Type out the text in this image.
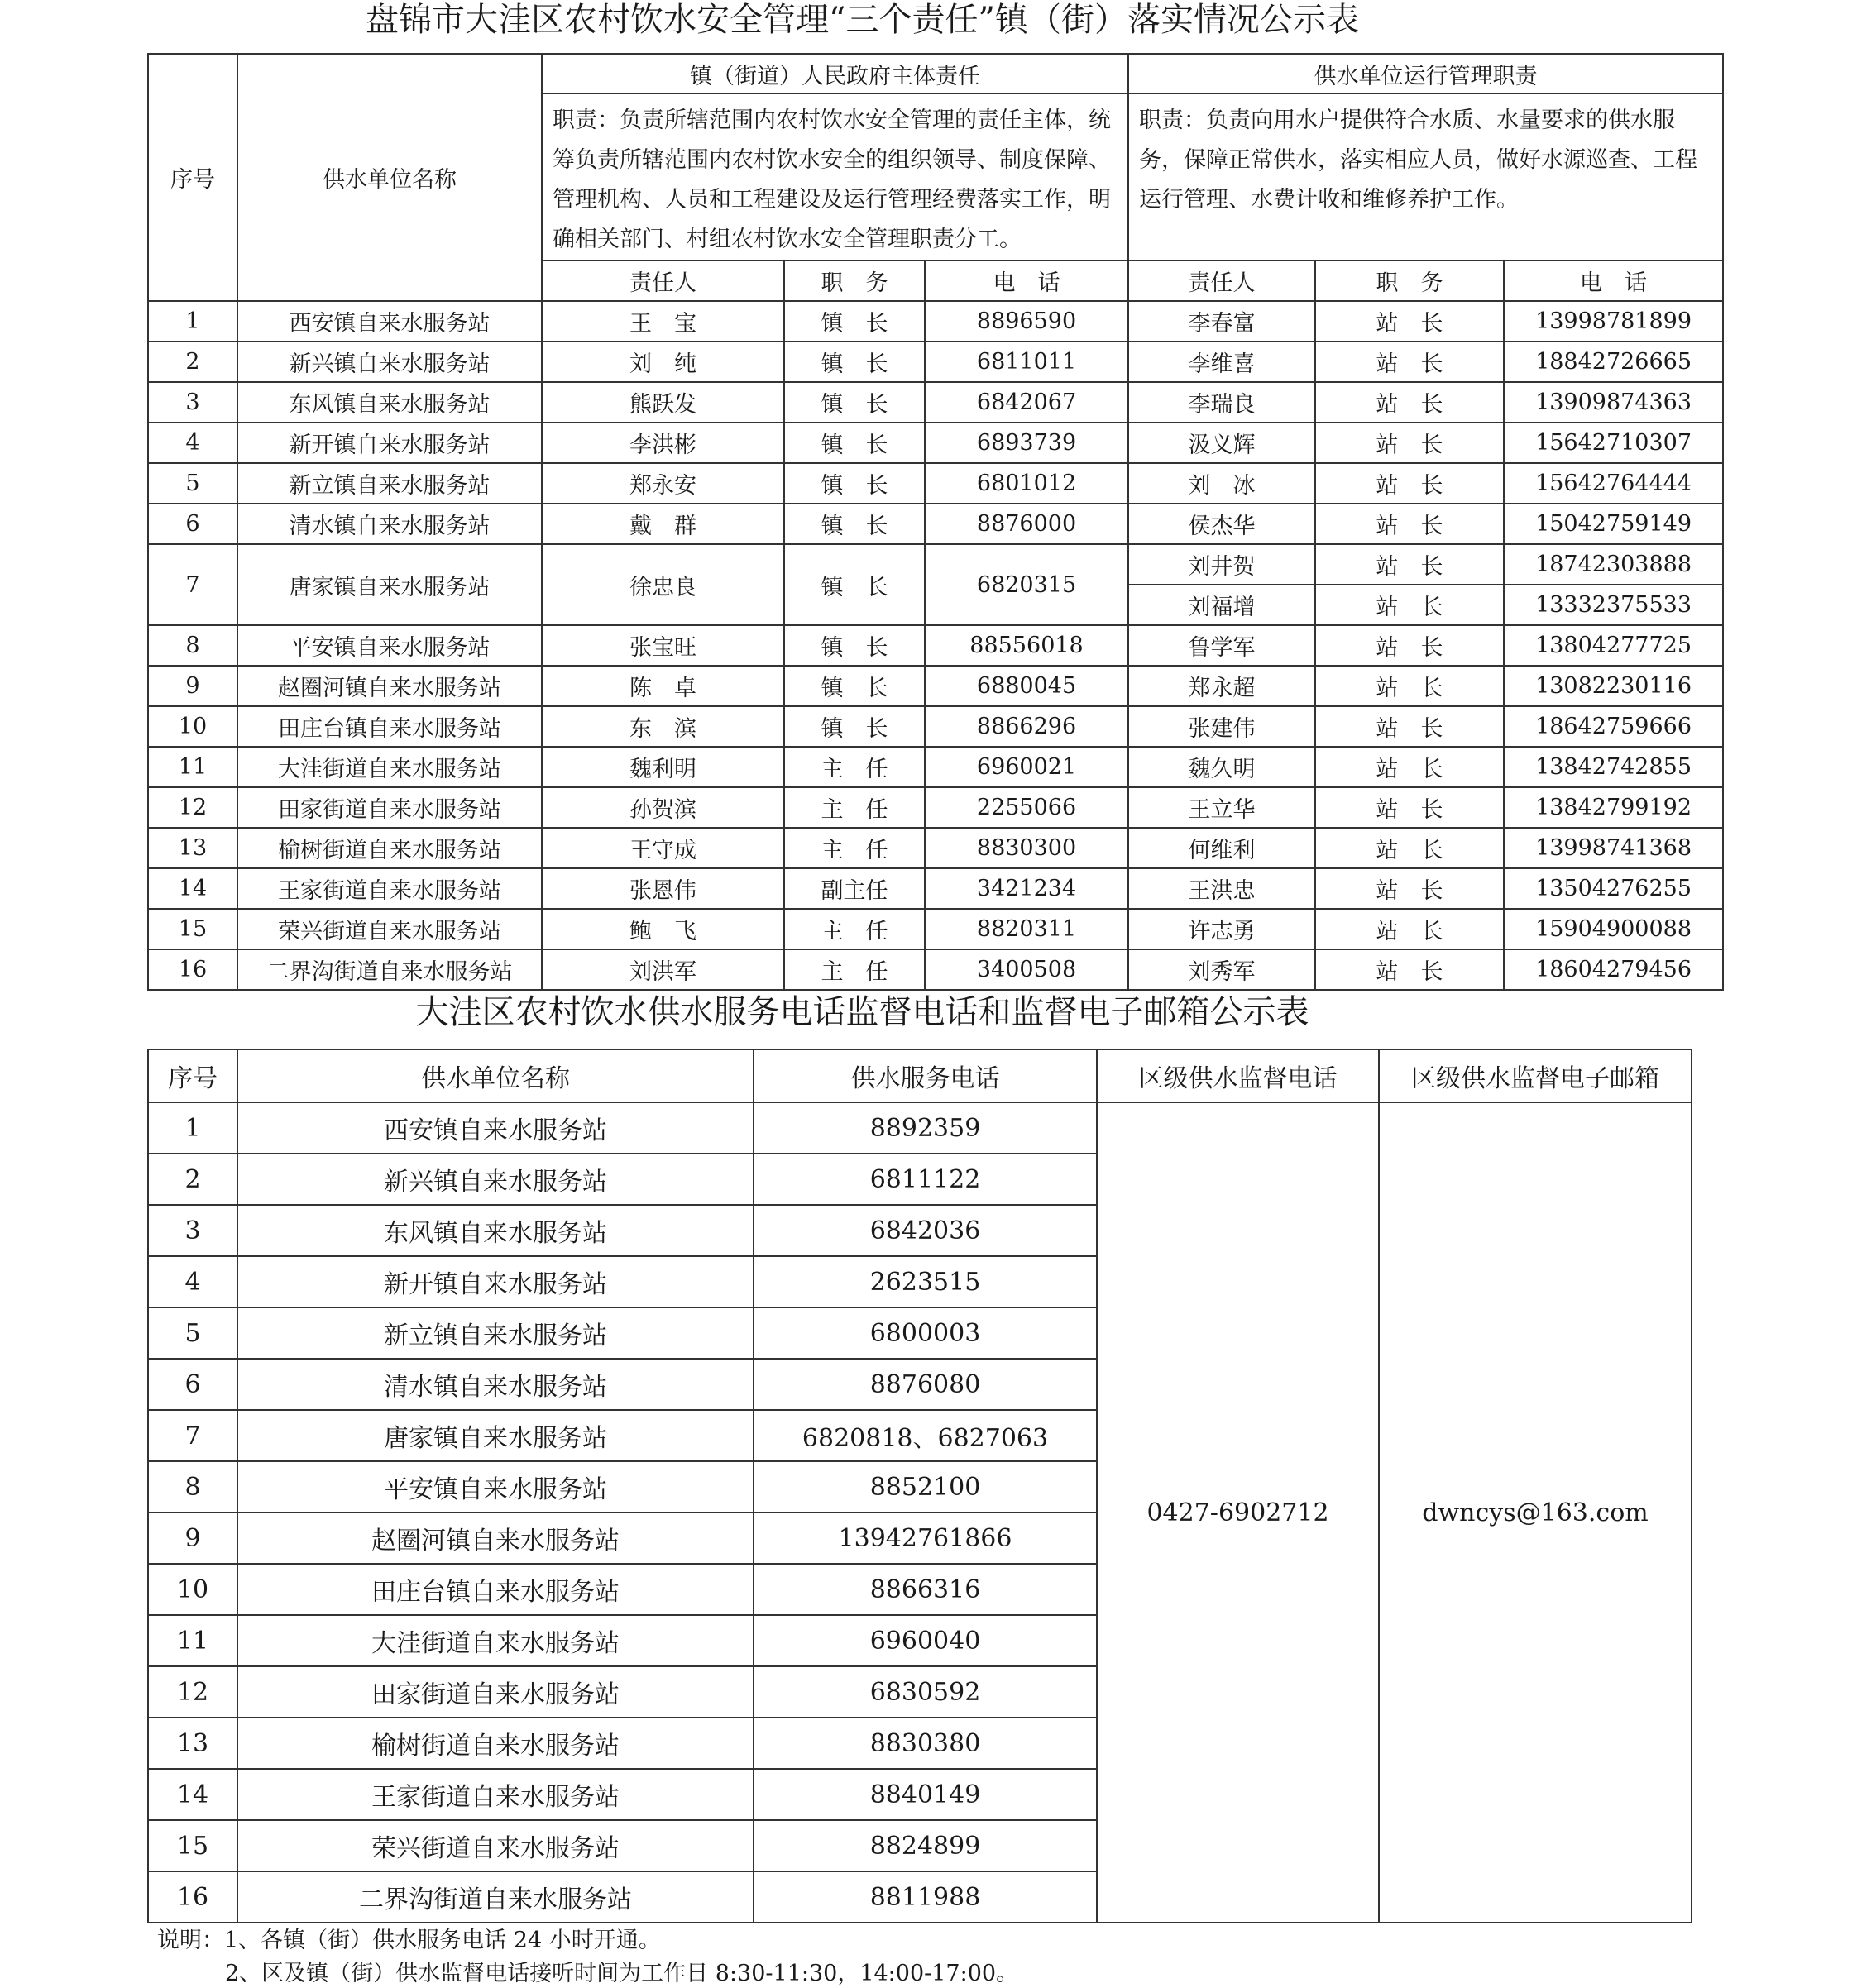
盘锦市大洼区农村饮水安全管理“三个责任”镇（街）落实情况公示表
序号	供水单位名称	镇（街道）人民政府主体责任			供水单位运行管理职责		
		职责：负责所辖范围内农村饮水安全管理的责任主体，统筹负责所辖范围内农村饮水安全的组织领导、制度保障、管理机构、人员和工程建设及运行管理经费落实工作，明确相关部门、村组农村饮水安全管理职责分工。			职责：负责向用水户提供符合水质、水量要求的供水服务，保障正常供水，落实相应人员，做好水源巡查、工程运行管理、水费计收和维修养护工作。		
		责任人	职　务	电　话	责任人	职　务	电　话
1	西安镇自来水服务站	王　宝	镇　长	8896590	李春富	站　长	13998781899
2	新兴镇自来水服务站	刘　纯	镇　长	6811011	李维喜	站　长	18842726665
3	东风镇自来水服务站	熊跃发	镇　长	6842067	李瑞良	站　长	13909874363
4	新开镇自来水服务站	李洪彬	镇　长	6893739	汲义辉	站　长	15642710307
5	新立镇自来水服务站	郑永安	镇　长	6801012	刘　冰	站　长	15642764444
6	清水镇自来水服务站	戴　群	镇　长	8876000	侯杰华	站　长	15042759149
7	唐家镇自来水服务站	徐忠良	镇　长	6820315	刘井贺	站　长	18742303888
					刘福增	站　长	13332375533
8	平安镇自来水服务站	张宝旺	镇　长	88556018	鲁学军	站　长	13804277725
9	赵圈河镇自来水服务站	陈　卓	镇　长	6880045	郑永超	站　长	13082230116
10	田庄台镇自来水服务站	东　滨	镇　长	8866296	张建伟	站　长	18642759666
11	大洼街道自来水服务站	魏利明	主　任	6960021	魏久明	站　长	13842742855
12	田家街道自来水服务站	孙贺滨	主　任	2255066	王立华	站　长	13842799192
13	榆树街道自来水服务站	王守成	主　任	8830300	何维利	站　长	13998741368
14	王家街道自来水服务站	张恩伟	副主任	3421234	王洪忠	站　长	13504276255
15	荣兴街道自来水服务站	鲍　飞	主　任	8820311	许志勇	站　长	15904900088
16	二界沟街道自来水服务站	刘洪军	主　任	3400508	刘秀军	站　长	18604279456
大洼区农村饮水供水服务电话监督电话和监督电子邮箱公示表
序号	供水单位名称	供水服务电话	区级供水监督电话	区级供水监督电子邮箱
1	西安镇自来水服务站	8892359	0427-6902712	dwncys@163.com
2	新兴镇自来水服务站	6811122		
3	东风镇自来水服务站	6842036		
4	新开镇自来水服务站	2623515		
5	新立镇自来水服务站	6800003		
6	清水镇自来水服务站	8876080		
7	唐家镇自来水服务站	6820818、6827063		
8	平安镇自来水服务站	8852100		
9	赵圈河镇自来水服务站	13942761866		
10	田庄台镇自来水服务站	8866316		
11	大洼街道自来水服务站	6960040		
12	田家街道自来水服务站	6830592		
13	榆树街道自来水服务站	8830380		
14	王家街道自来水服务站	8840149		
15	荣兴街道自来水服务站	8824899		
16	二界沟街道自来水服务站	8811988		
说明：1、各镇（街）供水服务电话 24 小时开通。
2、区及镇（街）供水监督电话接听时间为工作日 8:30-11:30，14:00-17:00。
